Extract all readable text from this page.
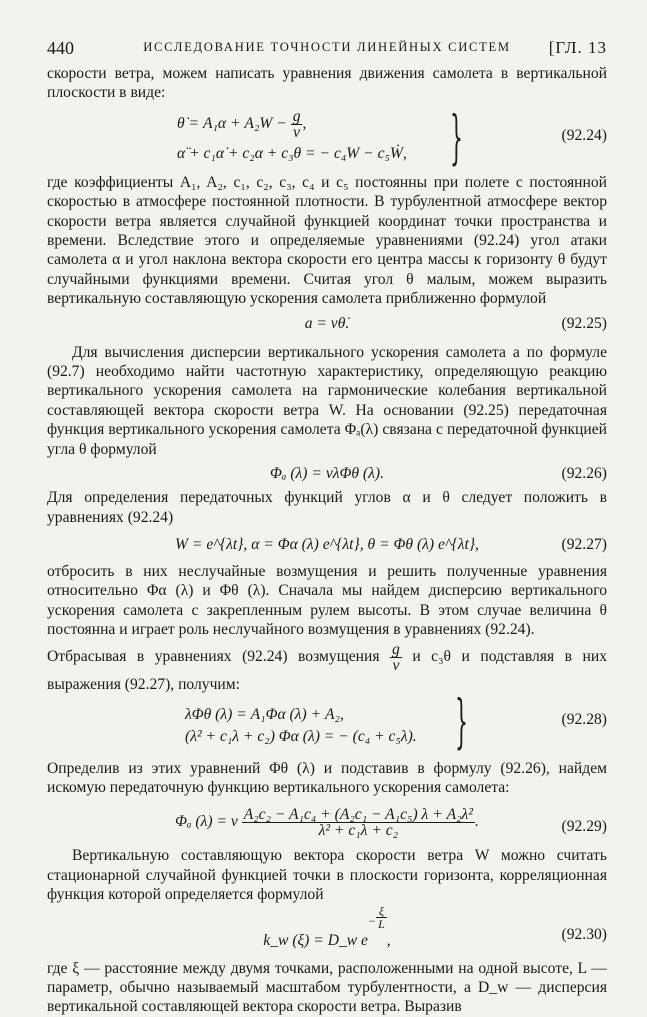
440	ИССЛЕДОВАНИЕ ТОЧНОСТИ ЛИНЕЙНЫХ СИСТЕМ	[ГЛ. 13

скорости ветра, можем написать уравнения движения самолета в вертикальной плоскости в виде:

θ̇ = $A_1\alpha + A_2W - \frac{g}{v}$ ,
α̈ + c₁α̇ + c₂α + c₃θ = − c₄W − c₅Ẇ, }	(92.24)

где коэффициенты A₁, A₂, c₁, c₂, c₃, c₄ и c₅ постоянны при полете с постоянной скоростью в атмосфере постоянной плотности. В турбулентной атмосфере вектор скорости ветра является случайной функцией координат точки пространства и времени. Вследствие этого и определяемые уравнениями (92.24) угол атаки самолета α и угол наклона вектора скорости его центра массы к горизонту θ будут случайными функциями времени. Считая угол θ малым, можем выразить вертикальную составляющую ускорения самолета приближенно формулой

a = vθ̇.	(92.25)

Для вычисления дисперсии вертикального ускорения самолета a по формуле (92.7) необходимо найти частотную характеристику, определяющую реакцию вертикального ускорения самолета на гармонические колебания вертикальной составляющей вектора скорости ветра W. На основании (92.25) передаточная функция вертикального ускорения самолета Φₐ(λ) связана с передаточной функцией угла θ формулой

Φₐ (λ) = vλΦθ (λ).	(92.26)

Для определения передаточных функций углов α и θ следует положить в уравнениях (92.24)

W = e^{λt}, α = Φα (λ) e^{λt}, θ = Φθ (λ) e^{λt},	(92.27)

отбросить в них неслучайные возмущения и решить полученные уравнения относительно Φα (λ) и Φθ (λ). Сначала мы найдем дисперсию вертикального ускорения самолета с закрепленным рулем высоты. В этом случае величина θ постоянна и играет роль неслучайного возмущения в уравнениях (92.24).

Отбрасывая в уравнениях (92.24) возмущения $\frac{g}{v}$ и c₃θ и подставляя в них выражения (92.27), получим:

λΦθ (λ) = A₁Φα (λ) + A₂,
(λ² + c₁λ + c₂) Φα (λ) = − (c₄ + c₅λ). }	(92.28)

Определив из этих уравнений Φθ (λ) и подставив в формулу (92.26), найдем искомую передаточную функцию вертикального ускорения самолета:

Φₐ (λ) = v $\frac{\text{A₂c₂ − A₁c₄ + (A₂c₁ − A₁c₅) λ + A₂λ²}}{\text{λ² + c₁λ + c₂}}$ .	(92.29)

Вертикальную составляющую вектора скорости ветра W можно считать стационарной случайной функцией точки в плоскости горизонта, корреляционная функция которой определяется формулой

k_w (ξ) = D_w $e- \frac{\xi}{L}$
,	(92.30)

где ξ — расстояние между двумя точками, расположенными на одной высоте, L — параметр, обычно называемый масштабом турбулентности, а D_w — дисперсия вертикальной составляющей вектора скорости ветра. Выразив
